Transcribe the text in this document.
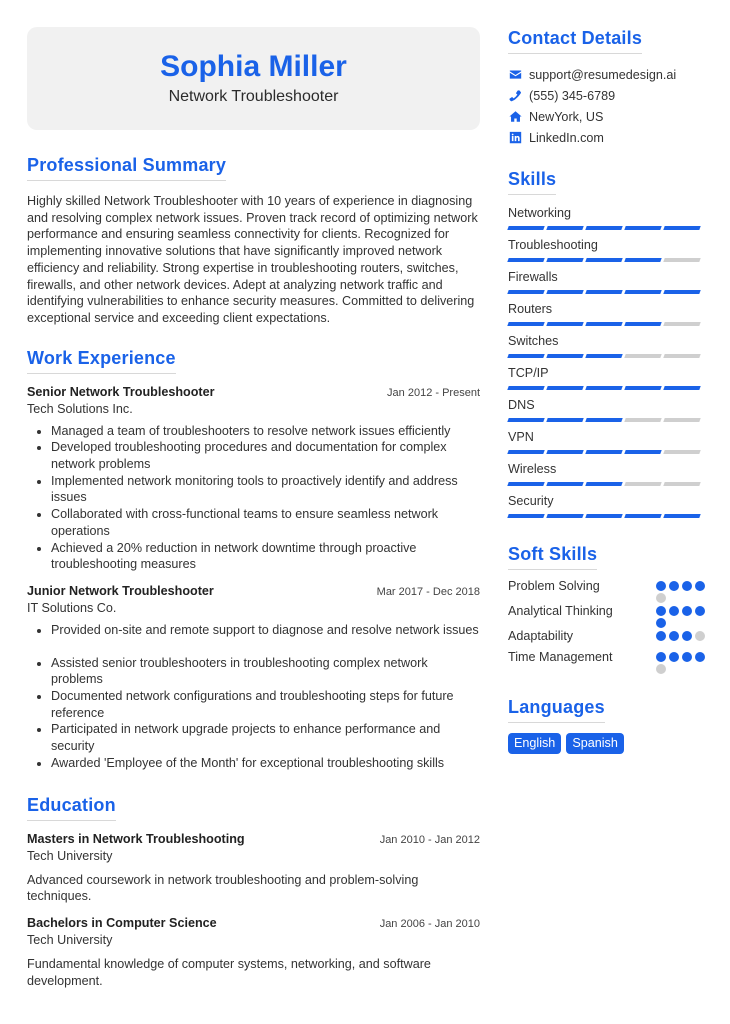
Sophia Miller
Network Troubleshooter
Professional Summary

Highly skilled Network Troubleshooter with 10 years of experience in diagnosing and resolving complex network issues. Proven track record of optimizing network performance and ensuring seamless connectivity for clients. Recognized for implementing innovative solutions that have significantly improved network efficiency and reliability. Strong expertise in troubleshooting routers, switches, firewalls, and other network devices. Adept at analyzing network traffic and identifying vulnerabilities to enhance security measures. Committed to delivering exceptional service and exceeding client expectations.

Work Experience
Senior Network Troubleshooter	Jan 2012 - Present
Tech Solutions Inc.
• Managed a team of troubleshooters to resolve network issues efficiently
• Developed troubleshooting procedures and documentation for complex network problems
• Implemented network monitoring tools to proactively identify and address issues
• Collaborated with cross-functional teams to ensure seamless network operations
• Achieved a 20% reduction in network downtime through proactive troubleshooting measures
Junior Network Troubleshooter	Mar 2017 - Dec 2018
IT Solutions Co.
• Provided on-site and remote support to diagnose and resolve network issues
• Assisted senior troubleshooters in troubleshooting complex network problems
• Documented network configurations and troubleshooting steps for future reference
• Participated in network upgrade projects to enhance performance and security
• Awarded 'Employee of the Month' for exceptional troubleshooting skills
Education
Masters in Network Troubleshooting	Jan 2010 - Jan 2012
Tech University
Advanced coursework in network troubleshooting and problem-solving techniques.
Bachelors in Computer Science	Jan 2006 - Jan 2010
Tech University
Fundamental knowledge of computer systems, networking, and software development.
Contact Details
support@resumedesign.ai
(555) 345-6789
NewYork, US
LinkedIn.com
Skills
Networking
Troubleshooting
Firewalls
Routers
Switches
TCP/IP
DNS
VPN
Wireless
Security
Soft Skills
Problem Solving
Analytical Thinking
Adaptability
Time Management
Languages
English	Spanish
